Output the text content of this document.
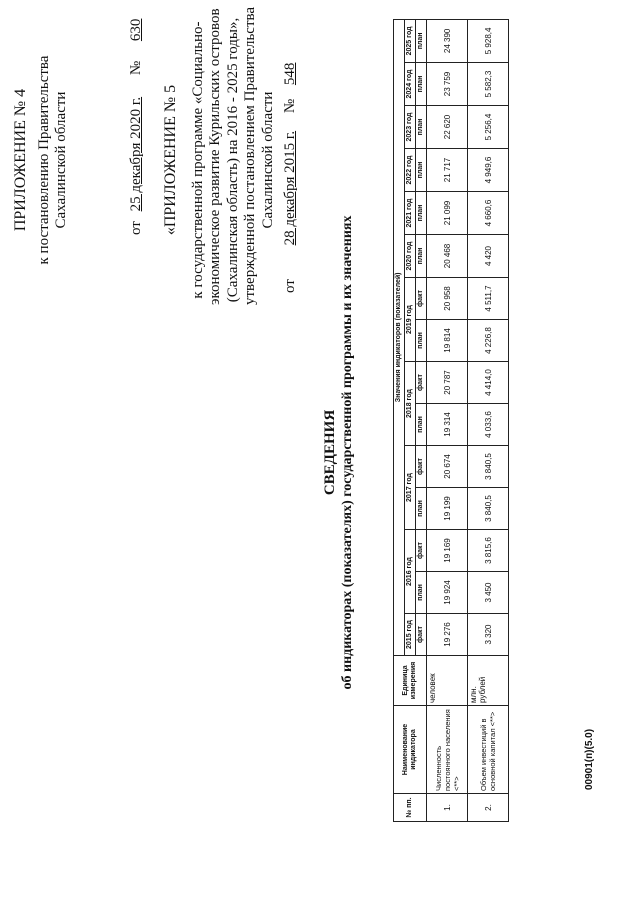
ПРИЛОЖЕНИЕ № 4 к постановлению Правительства Сахалинской области	от 25 декабря 2020 г. № 630
«ПРИЛОЖЕНИЕ № 5 к государственной программе «Социально- экономическое развитие Курильских островов (Сахалинская область) на 2016 - 2025 годы», утвержденной постановлением Правительства Сахалинской области
от 28 декабря 2015 г. № 548
СВЕДЕНИЯ об индикаторах (показателях) государственной программы и их значениях
№ пп.	Наименование индикатора	Единица измерения	Значения индикаторов (показателей)														
			2015 год	2016 год		2017 год		2018 год		2019 год		2020 год	2021 год	2022 год	2023 год	2024 год	2025 год
			факт	план	факт	план	факт	план	факт	план	факт	план	план	план	план	план	план
1.	Численность постоянного населения <**>	человек	19 276	19 924	19 169	19 199	20 674	19 314	20 787	19 814	20 958	20 468	21 099	21 717	22 620	23 759	24 390
2.	Объем инвестиций в основной капитал <**>	млн. рублей	3 320	3 450	3 815,6	3 840,5	3 840,5	4 033,6	4 414,0	4 226,8	4 511,7	4 420	4 660,6	4 949,6	5 256,4	5 582,3	5 928,4
00901(п)(5.0)
